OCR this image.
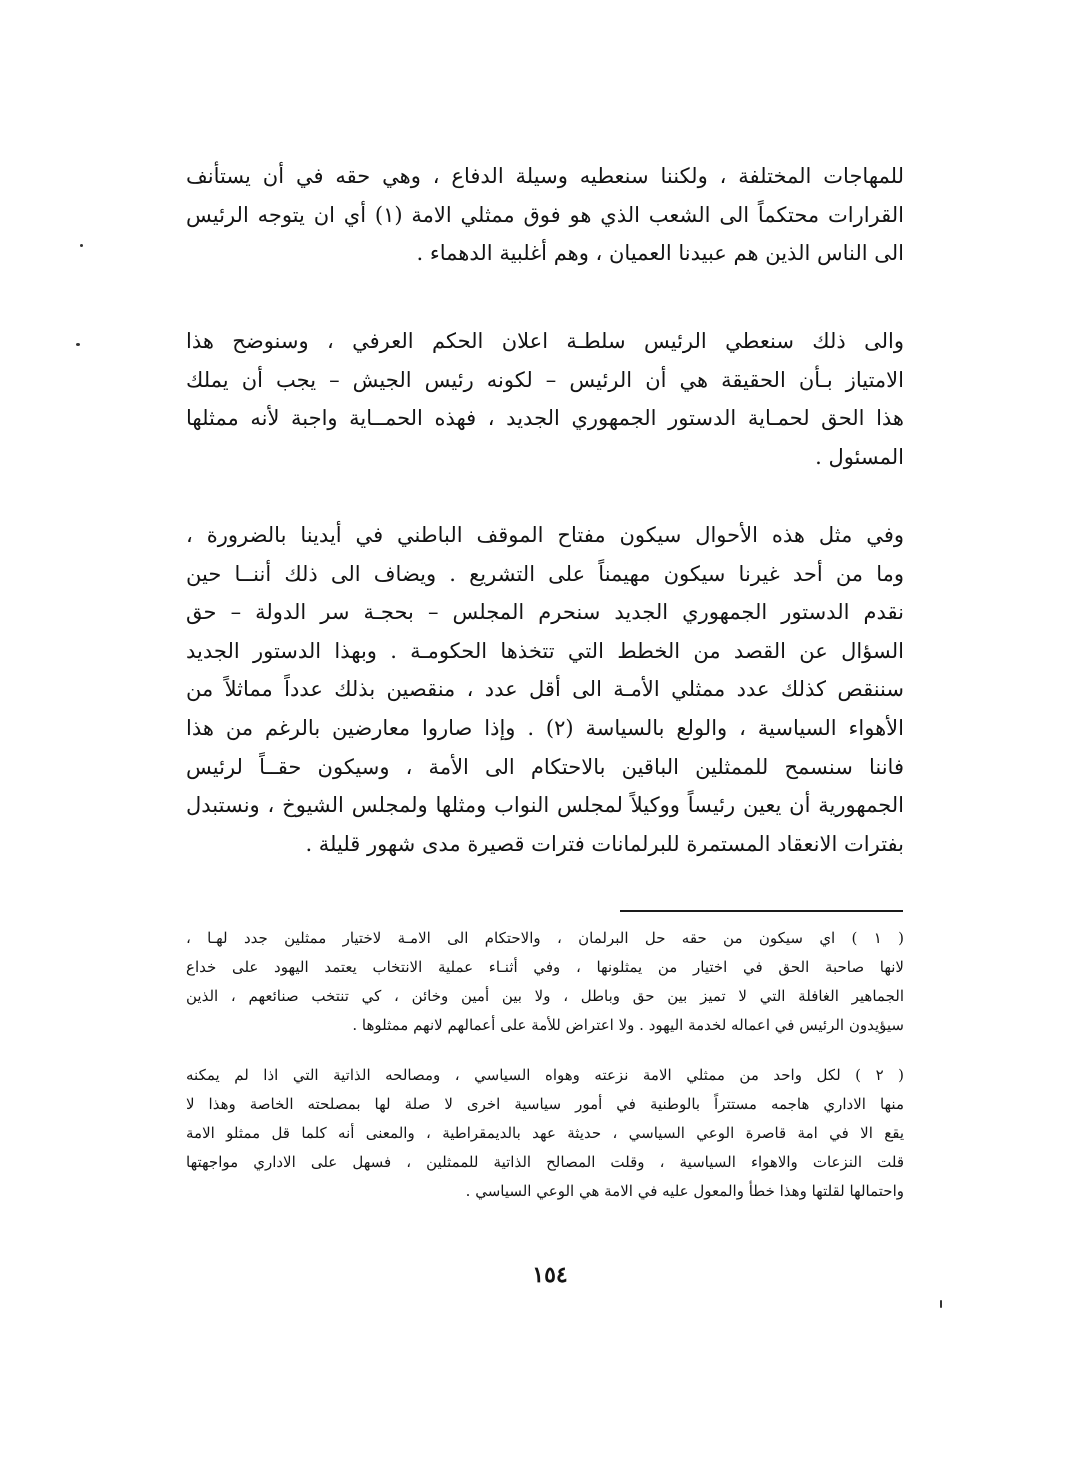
للمهاجات المختلفة ، ولكننا سنعطيه وسيلة الدفاع ، وهي حقه في أن يستأنف
القرارات محتكماً الى الشعب الذي هو فوق ممثلي الامة (١) أي ان يتوجه الرئيس
الى الناس الذين هم عبيدنا العميان ، وهم أغلبية الدهماء .
والى ذلك سنعطي الرئيس سلطـة اعلان الحكم العرفي ، وسنوضح هذا
الامتياز بـأن الحقيقة هي أن الرئيس – لكونه رئيس الجيش – يجب أن يملك
هذا الحق لحمـاية الدستور الجمهوري الجديد ، فهذه الحمــاية واجبة لأنه ممثلها
المسئول .
وفي مثل هذه الأحوال سيكون مفتاح الموقف الباطني في أيدينا بالضرورة ،
وما من أحد غيرنا سيكون مهيمناً على التشريع . ويضاف الى ذلك أننــا حين
نقدم الدستور الجمهوري الجديد سنحرم المجلس – بحجـة سر الدولة – حق
السؤال عن القصد من الخطط التي تتخذها الحكومـة . وبهذا الدستور الجديد
سننقص كذلك عدد ممثلي الأمـة الى أقل عدد ، منقصين بذلك عدداً مماثلاً من
الأهواء السياسية ، والولع بالسياسة (٢) . وإذا صاروا معارضين بالرغم من هذا
فاننا سنسمح للممثلين الباقين بالاحتكام الى الأمة ، وسيكون حقــاً لرئيس
الجمهورية أن يعين رئيساً ووكيلاً لمجلس النواب ومثلها ولمجلس الشيوخ ، ونستبدل
بفترات الانعقاد المستمرة للبرلمانات فترات قصيرة مدى شهور قليلة .
( ١ ) اي سيكون من حقه حل البرلمان ، والاحتكام الى الامـة لاختيار ممثلين جدد لهـا ،
لانها صاحبة الحق في اختيار من يمثلونها ، وفي أثنـاء عملية الانتخاب يعتمد اليهود على خداع
الجماهير الغافلة التي لا تميز بين حق وباطل ، ولا بين أمين وخائن ، كي تنتخب صنائعهم ، الذين
سيؤيدون الرئيس في اعماله لخدمة اليهود . ولا اعتراض للأمة على أعمالهم لانهم ممثلوها .
( ٢ ) لكل واحد من ممثلي الامة نزعته وهواه السياسي ، ومصالحه الذاتية التي اذا لم يمكنه
منها الاداري هاجمه مستتراً بالوطنية في أمور سياسية اخرى لا صلة لها بمصلحته الخاصة وهذا لا
يقع الا في امة قاصرة الوعي السياسي ، حديثة عهد بالديمقراطية ، والمعنى أنه كلما قل ممثلو الامة
قلت النزعات والاهواء السياسية ، وقلت المصالح الذاتية للممثلين ، فسهل على الاداري مواجهتها
واحتمالها لقلتها وهذا خطأ والمعول عليه في الامة هي الوعي السياسي .
١٥٤
